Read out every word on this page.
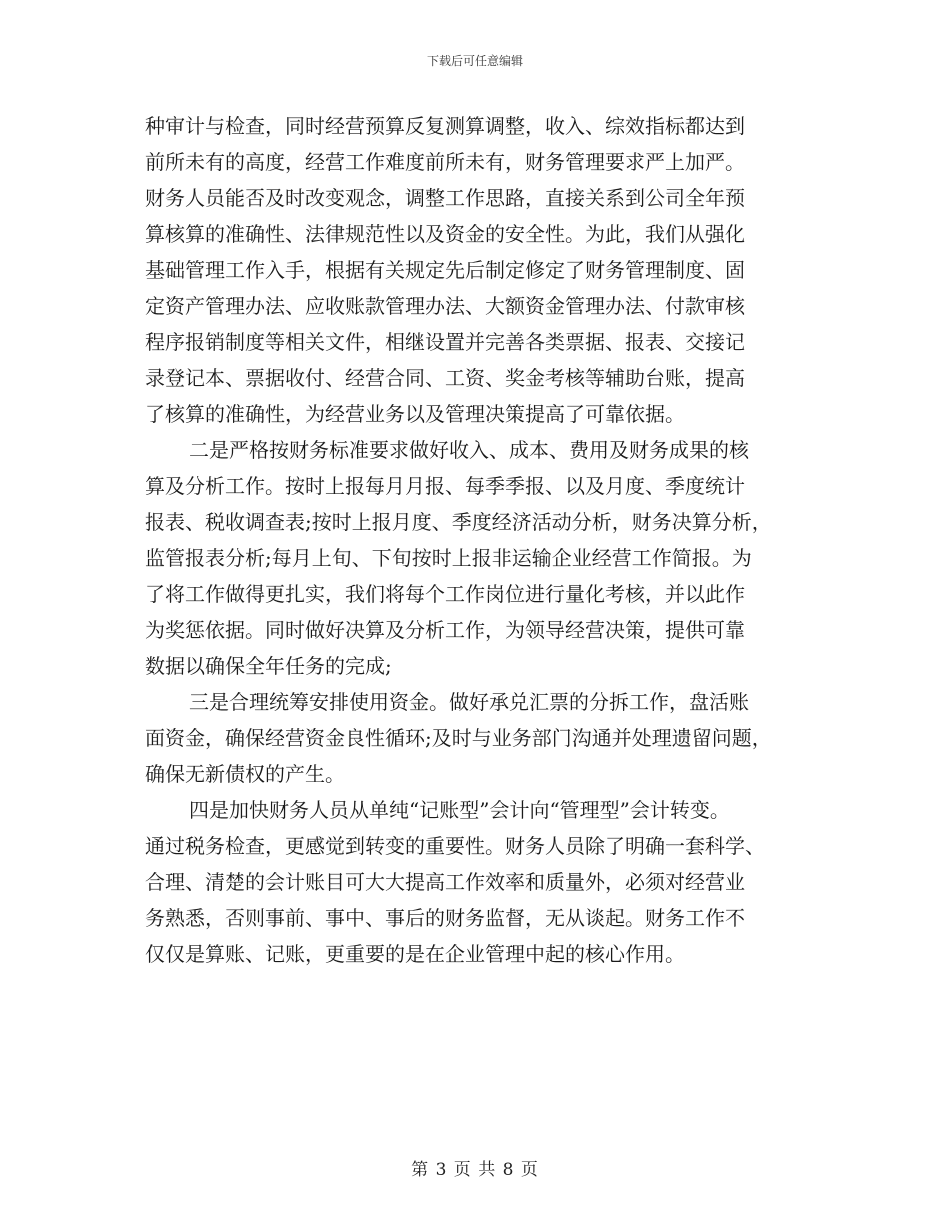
下载后可任意编辑
种审计与检查，同时经营预算反复测算调整，收入、综效指标都达到
前所未有的高度，经营工作难度前所未有，财务管理要求严上加严。
财务人员能否及时改变观念，调整工作思路，直接关系到公司全年预
算核算的准确性、法律规范性以及资金的安全性。为此，我们从强化
基础管理工作入手，根据有关规定先后制定修定了财务管理制度、固
定资产管理办法、应收账款管理办法、大额资金管理办法、付款审核
程序报销制度等相关文件，相继设置并完善各类票据、报表、交接记
录登记本、票据收付、经营合同、工资、奖金考核等辅助台账，提高
了核算的准确性，为经营业务以及管理决策提高了可靠依据。
二是严格按财务标准要求做好收入、成本、费用及财务成果的核
算及分析工作。按时上报每月月报、每季季报、以及月度、季度统计
报表、税收调查表;按时上报月度、季度经济活动分析，财务决算分析，
监管报表分析;每月上旬、下旬按时上报非运输企业经营工作简报。为
了将工作做得更扎实，我们将每个工作岗位进行量化考核，并以此作
为奖惩依据。同时做好决算及分析工作，为领导经营决策，提供可靠
数据以确保全年任务的完成;
三是合理统筹安排使用资金。做好承兑汇票的分拆工作，盘活账
面资金，确保经营资金良性循环;及时与业务部门沟通并处理遗留问题，
确保无新债权的产生。
四是加快财务人员从单纯“记账型”会计向“管理型”会计转变。
通过税务检查，更感觉到转变的重要性。财务人员除了明确一套科学、
合理、清楚的会计账目可大大提高工作效率和质量外，必须对经营业
务熟悉，否则事前、事中、事后的财务监督，无从谈起。财务工作不
仅仅是算账、记账，更重要的是在企业管理中起的核心作用。
第 3 页 共 8 页
